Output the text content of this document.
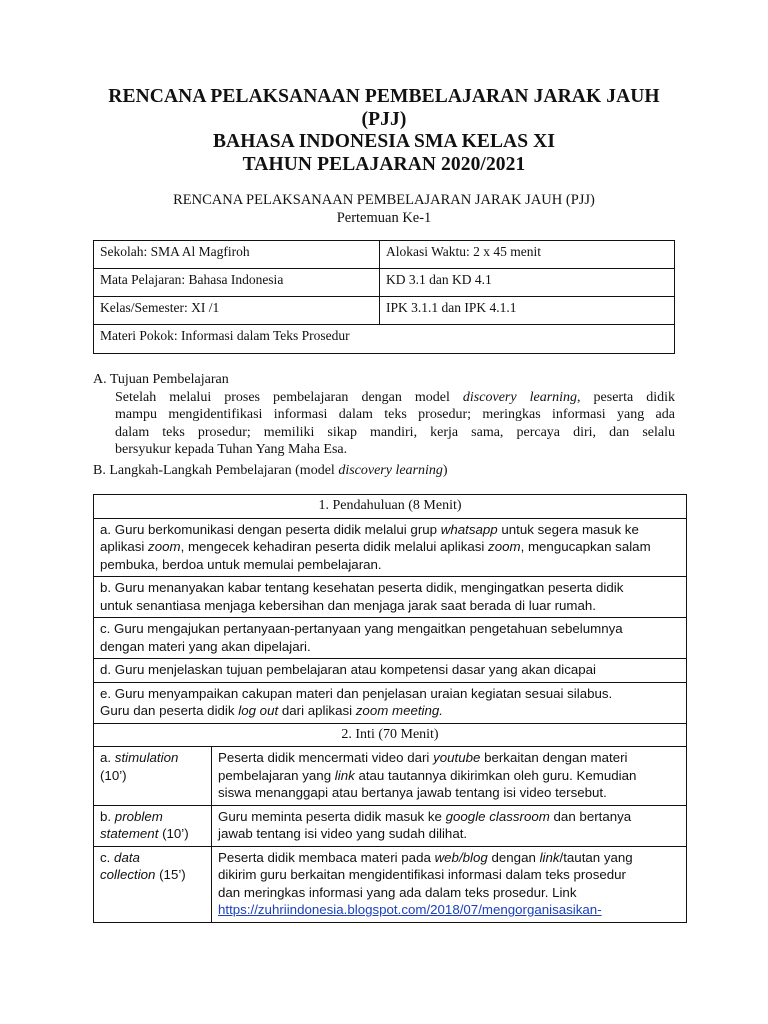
RENCANA PELAKSANAAN PEMBELAJARAN JARAK JAUH
(PJJ)
BAHASA INDONESIA SMA KELAS XI
TAHUN PELAJARAN 2020/2021
RENCANA PELAKSANAAN PEMBELAJARAN JARAK JAUH (PJJ)
Pertemuan Ke-1
Sekolah: SMA Al Magfiroh	Alokasi Waktu: 2 x 45 menit
Mata Pelajaran: Bahasa Indonesia	KD 3.1 dan KD 4.1
Kelas/Semester: XI /1	IPK 3.1.1 dan IPK 4.1.1
Materi Pokok: Informasi dalam Teks Prosedur	
A. Tujuan Pembelajaran
Setelah melalui proses pembelajaran dengan model discovery learning, peserta didik
mampu mengidentifikasi informasi dalam teks prosedur; meringkas informasi yang ada
dalam teks prosedur; memiliki sikap mandiri, kerja sama, percaya diri, dan selalu
bersyukur kepada Tuhan Yang Maha Esa.
B. Langkah-Langkah Pembelajaran (model discovery learning)
1. Pendahuluan (8 Menit)	

a. Guru berkomunikasi dengan peserta didik melalui grup whatsapp untuk segera masuk ke
aplikasi zoom, mengecek kehadiran peserta didik melalui aplikasi zoom, mengucapkan salam
pembuka, berdoa untuk memulai pembelajaran.	

b. Guru menanyakan kabar tentang kesehatan peserta didik, mengingatkan peserta didik
untuk senantiasa menjaga kebersihan dan menjaga jarak saat berada di luar rumah.	

c. Guru mengajukan pertanyaan-pertanyaan yang mengaitkan pengetahuan sebelumnya
dengan materi yang akan dipelajari.	

d. Guru menjelaskan tujuan pembelajaran atau kompetensi dasar yang akan dicapai	

e. Guru menyampaikan cakupan materi dan penjelasan uraian kegiatan sesuai silabus.
Guru dan peserta didik log out dari aplikasi zoom meeting.	

2. Inti (70 Menit)	

a. stimulation
(10’)	Peserta didik mencermati video dari youtube berkaitan dengan materi
pembelajaran yang link atau tautannya dikirimkan oleh guru. Kemudian
siswa menanggapi atau bertanya jawab tentang isi video tersebut.

b. problem
statement (10’)	Guru meminta peserta didik masuk ke google classroom dan bertanya
jawab tentang isi video yang sudah dilihat.

c. data
collection (15’)	Peserta didik membaca materi pada web/blog dengan link/tautan yang
dikirim guru berkaitan mengidentifikasi informasi dalam teks prosedur
dan meringkas informasi yang ada dalam teks prosedur. Link
https://zuhriindonesia.blogspot.com/2018/07/mengorganisasikan-
